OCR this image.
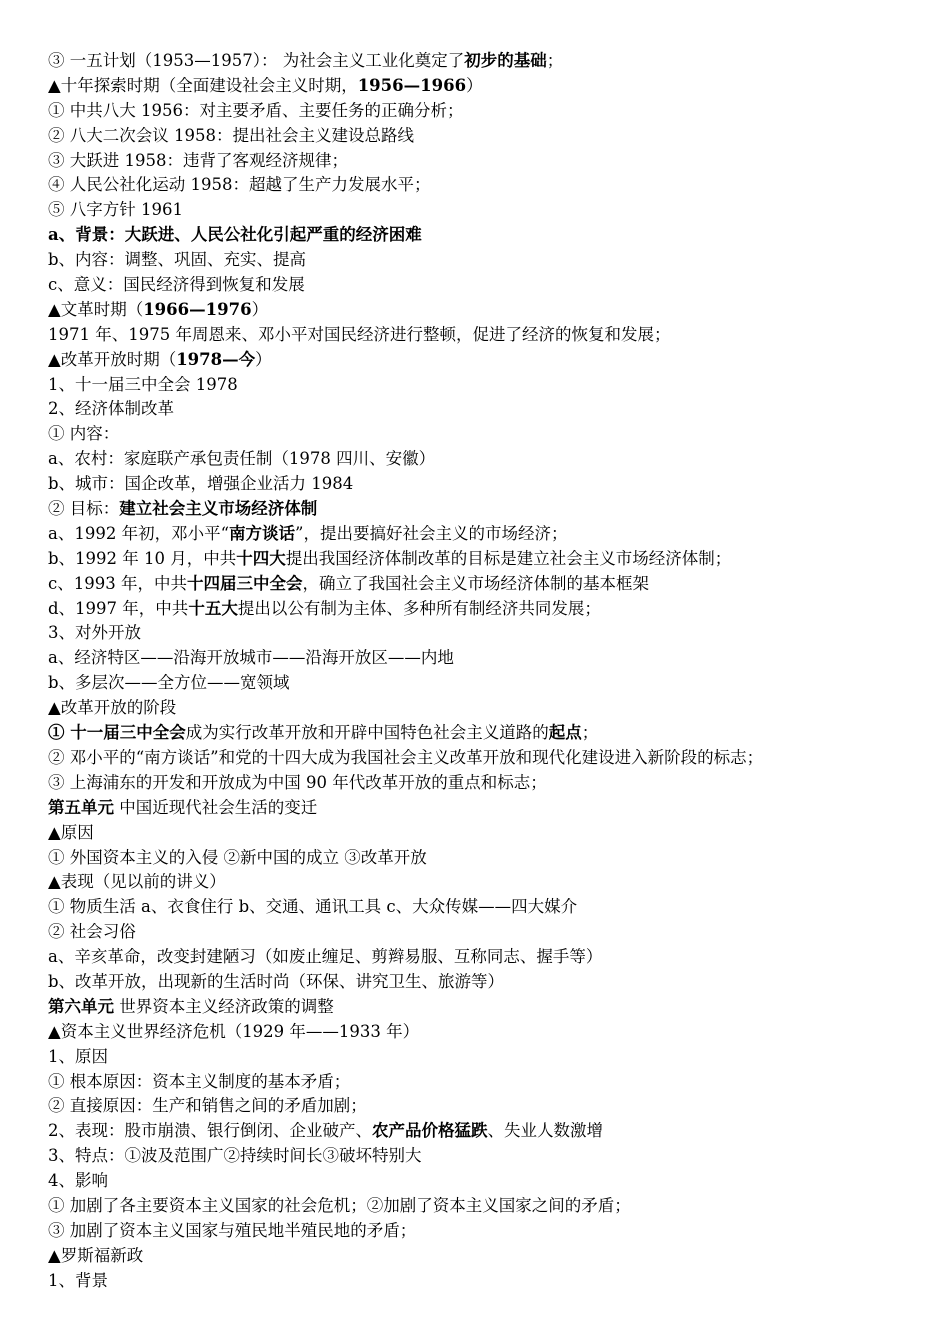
③ 一五计划（1953—1957）： 为社会主义工业化奠定了初步的基础；
▲十年探索时期（全面建设社会主义时期，1956—1966）
① 中共八大 1956：对主要矛盾、主要任务的正确分析；
② 八大二次会议 1958：提出社会主义建设总路线
③ 大跃进 1958：违背了客观经济规律；
④ 人民公社化运动 1958：超越了生产力发展水平；
⑤ 八字方针 1961
a、背景：大跃进、人民公社化引起严重的经济困难
b、内容：调整、巩固、充实、提高
c、意义：国民经济得到恢复和发展
▲文革时期（1966—1976）
1971 年、1975 年周恩来、邓小平对国民经济进行整顿，促进了经济的恢复和发展；
▲改革开放时期（1978—今）
1、十一届三中全会 1978
2、经济体制改革
① 内容：
a、农村：家庭联产承包责任制（1978 四川、安徽）
b、城市：国企改革，增强企业活力 1984
② 目标：建立社会主义市场经济体制
a、1992 年初，邓小平“南方谈话”，提出要搞好社会主义的市场经济；
b、1992 年 10 月，中共十四大提出我国经济体制改革的目标是建立社会主义市场经济体制；
c、1993 年，中共十四届三中全会，确立了我国社会主义市场经济体制的基本框架
d、1997 年，中共十五大提出以公有制为主体、多种所有制经济共同发展；
3、对外开放
a、经济特区——沿海开放城市——沿海开放区——内地
b、多层次——全方位——宽领域
▲改革开放的阶段
① 十一届三中全会成为实行改革开放和开辟中国特色社会主义道路的起点；
② 邓小平的“南方谈话”和党的十四大成为我国社会主义改革开放和现代化建设进入新阶段的标志；
③ 上海浦东的开发和开放成为中国 90 年代改革开放的重点和标志；
第五单元 中国近现代社会生活的变迁
▲原因
① 外国资本主义的入侵 ②新中国的成立 ③改革开放
▲表现（见以前的讲义）
① 物质生活 a、衣食住行 b、交通、通讯工具 c、大众传媒——四大媒介
② 社会习俗
a、辛亥革命，改变封建陋习（如废止缠足、剪辫易服、互称同志、握手等）
b、改革开放，出现新的生活时尚（环保、讲究卫生、旅游等）
第六单元 世界资本主义经济政策的调整
▲资本主义世界经济危机（1929 年——1933 年）
1、原因
① 根本原因：资本主义制度的基本矛盾；
② 直接原因：生产和销售之间的矛盾加剧；
2、表现：股市崩溃、银行倒闭、企业破产、农产品价格猛跌、失业人数激增
3、特点：①波及范围广②持续时间长③破坏特别大
4、影响
① 加剧了各主要资本主义国家的社会危机；②加剧了资本主义国家之间的矛盾；
③ 加剧了资本主义国家与殖民地半殖民地的矛盾；
▲罗斯福新政
1、背景
